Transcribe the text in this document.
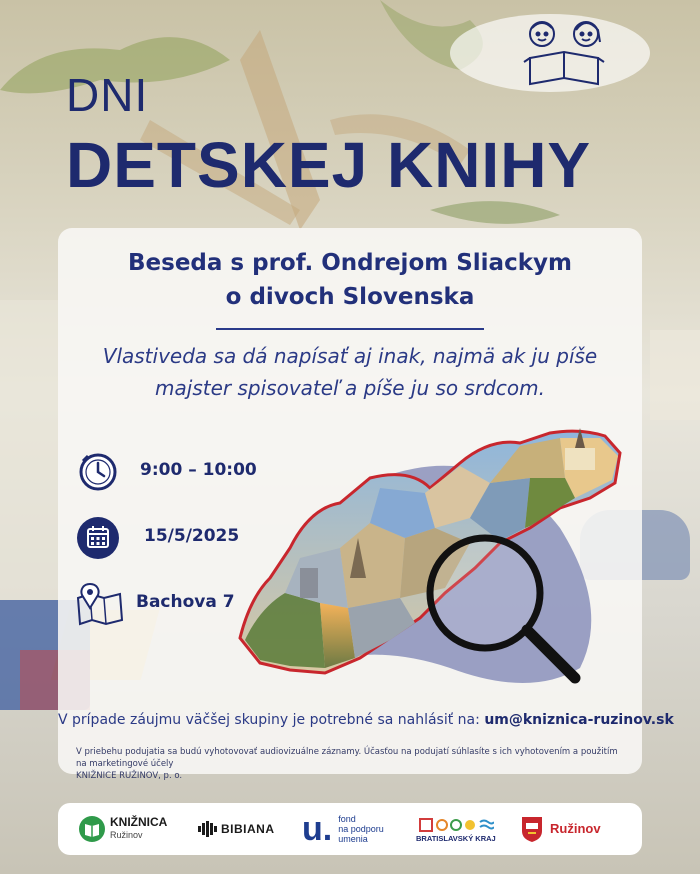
DNI
DETSKEJ KNIHY
Beseda s prof. Ondrejom Sliackym
o divoch Slovenska
Vlastiveda sa dá napísať aj inak, najmä ak ju píše
majster spisovateľ a píše ju so srdcom.
9:00 – 10:00
15/5/2025
Bachova 7
V prípade záujmu väčšej skupiny je potrebné sa nahlásiť na: um@kniznica-ruzinov.sk
V priebehu podujatia sa budú vyhotovovať audiovizuálne záznamy. Účasťou na podujatí súhlasíte s ich vyhotovením a použitím na marketingové účely
KNIŽNICE RUŽINOV, p. o.
KNIŽNICA
Ružinov	BIBIANA u. fond
na podporu
umenia	BRATISLAVSKÝ KRAJ
Ružinov
